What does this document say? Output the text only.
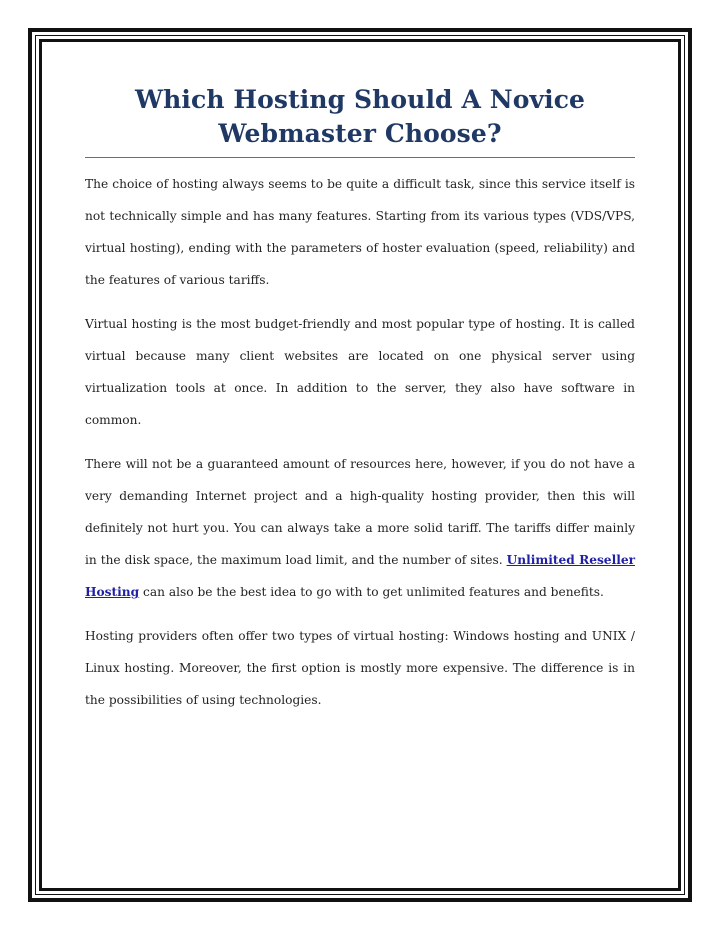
Which Hosting Should A Novice Webmaster Choose?

The choice of hosting always seems to be quite a difficult task, since this service itself is not technically simple and has many features. Starting from its various types (VDS/VPS, virtual hosting), ending with the parameters of hoster evaluation (speed, reliability) and the features of various tariffs.

Virtual hosting is the most budget-friendly and most popular type of hosting. It is called virtual because many client websites are located on one physical server using virtualization tools at once. In addition to the server, they also have software in common.

There will not be a guaranteed amount of resources here, however, if you do not have a very demanding Internet project and a high-quality hosting provider, then this will definitely not hurt you. You can always take a more solid tariff. The tariffs differ mainly in the disk space, the maximum load limit, and the number of sites. Unlimited Reseller Hosting can also be the best idea to go with to get unlimited features and benefits.

Hosting providers often offer two types of virtual hosting: Windows hosting and UNIX / Linux hosting. Moreover, the first option is mostly more expensive. The difference is in the possibilities of using technologies.
